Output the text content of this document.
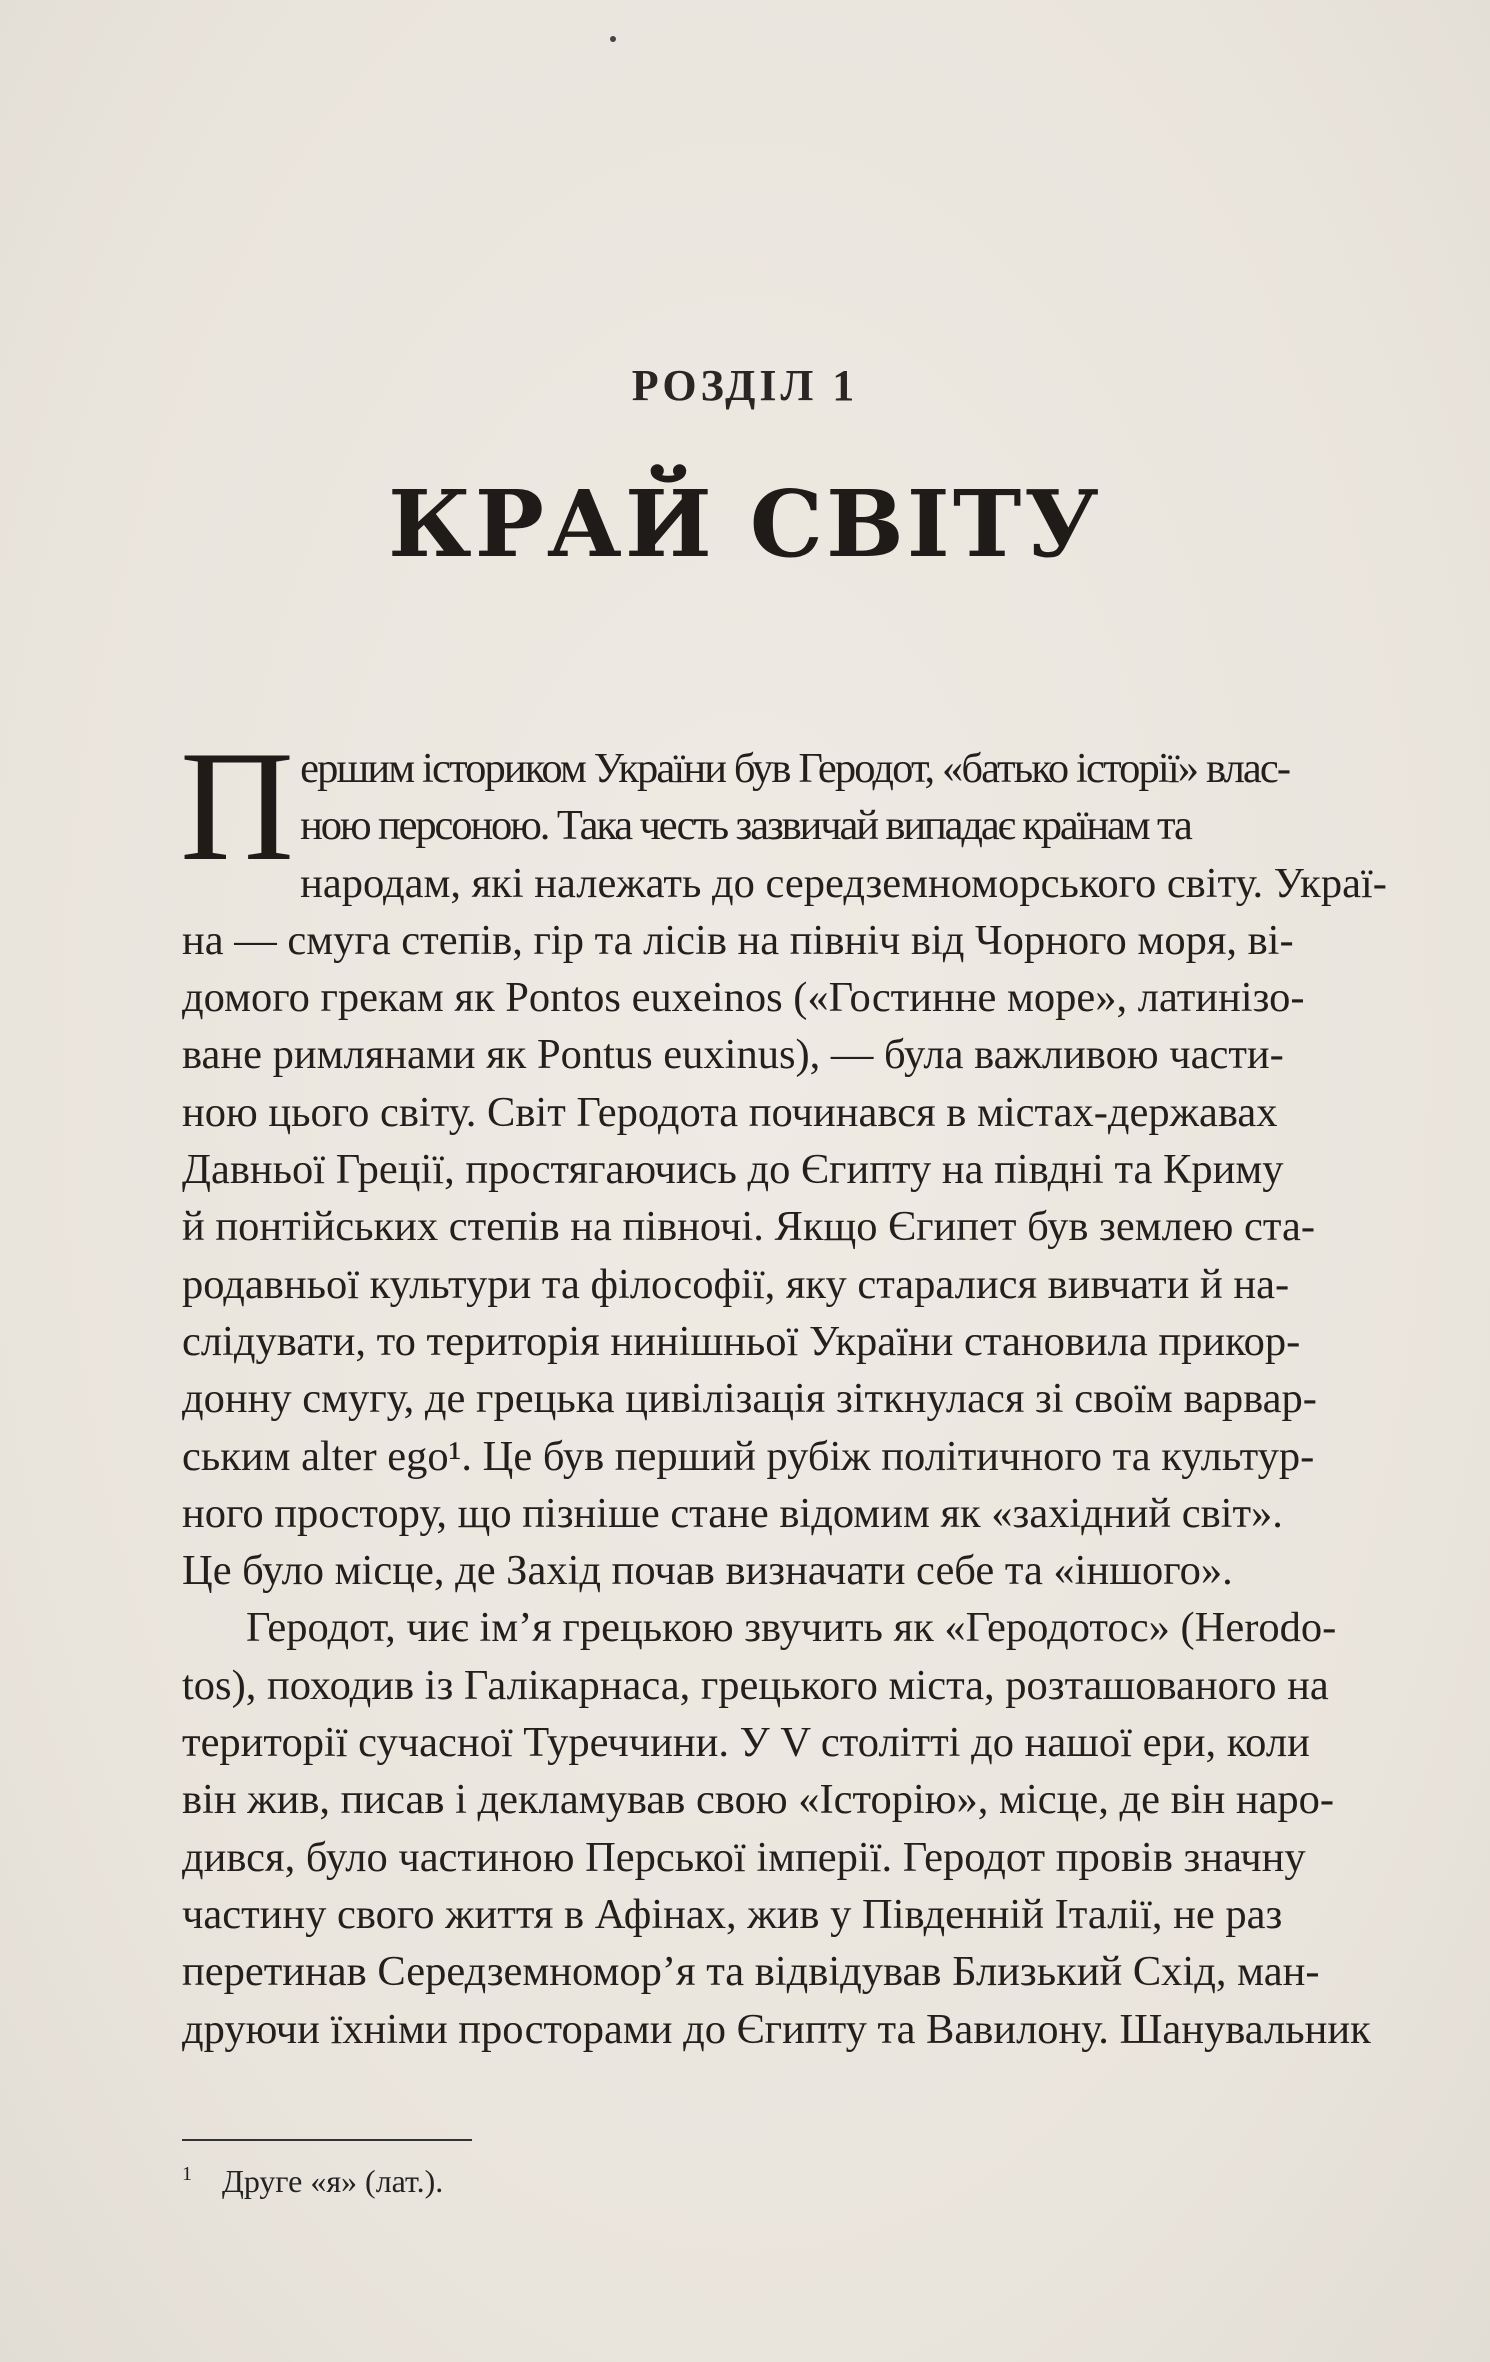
РОЗДІЛ 1
КРАЙ СВІТУ

П ершим істориком України був Геродот, «батько історії» влас-
ною персоною. Така честь зазвичай випадає країнам та
народам, які належать до середземноморського світу. Украї-
на — смуга степів, гір та лісів на північ від Чорного моря, ві-
домого грекам як Pontos euxeinos («Гостинне море», латинізо-
ване римлянами як Pontus euxinus), — була важливою части-
ною цього світу. Світ Геродота починався в містах-державах
Давньої Греції, простягаючись до Єгипту на півдні та Криму
й понтійських степів на півночі. Якщо Єгипет був землею ста-
родавньої культури та філософії, яку старалися вивчати й на-
слідувати, то територія нинішньої України становила прикор-
донну смугу, де грецька цивілізація зіткнулася зі своїм варвар-
ським alter ego¹. Це був перший рубіж політичного та культур-
ного простору, що пізніше стане відомим як «західний світ».
Це було місце, де Захід почав визначати себе та «іншого».

Геродот, чиє ім’я грецькою звучить як «Геродотос» (Herodo-
tos), походив із Галікарнаса, грецького міста, розташованого на
території сучасної Туреччини. У V столітті до нашої ери, коли
він жив, писав і декламував свою «Історію», місце, де він наро-
дився, було частиною Перської імперії. Геродот провів значну
частину свого життя в Афінах, жив у Південній Італії, не раз
перетинав Середземномор’я та відвідував Близький Схід, ман-
друючи їхніми просторами до Єгипту та Вавилону. Шанувальник

$^1$ Друге «я» (лат.).
